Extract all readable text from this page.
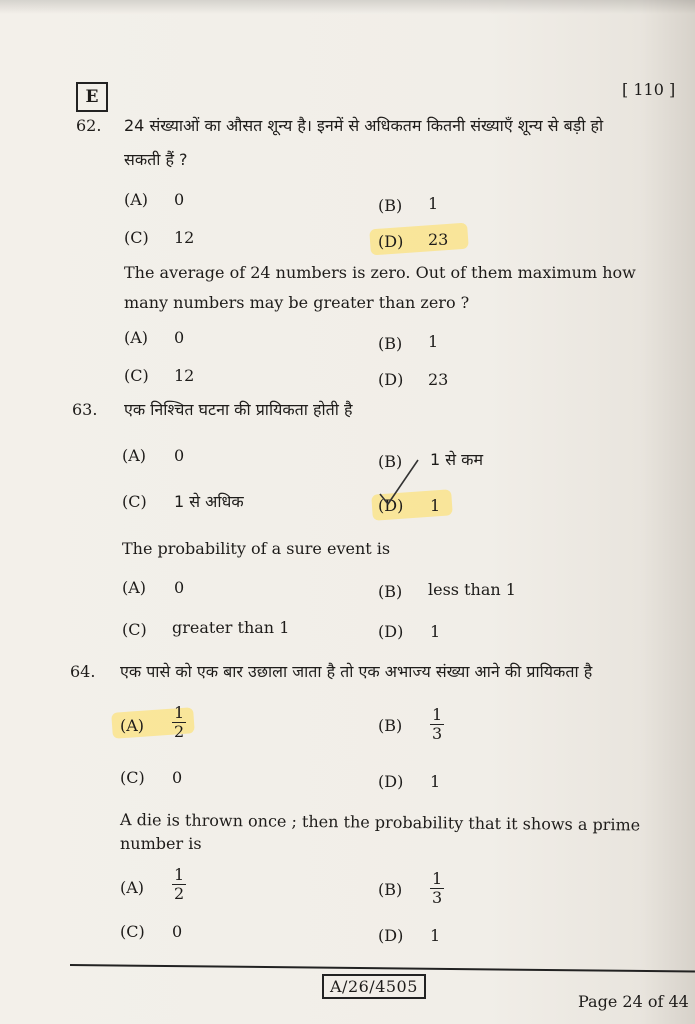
E	[ 110 ]
62. 24 संख्याओं का औसत शून्य है। इनमें से अधिकतम कितनी संख्याएँ शून्य से बड़ी हो
सकती हैं ?
(A) 0	(B) 1
(C) 12	(D) 23
The average of 24 numbers is zero. Out of them maximum how
many numbers may be greater than zero ?
(A) 0	(B) 1
(C) 12	(D) 23
63. एक निश्चित घटना की प्रायिकता होती है
(A) 0	(B) 1 से कम
(C) 1 से अधिक	(D) 1
The probability of a sure event is
(A) 0	(B) less than 1
(C) greater than 1	(D) 1
64. एक पासे को एक बार उछाला जाता है तो एक अभाज्य संख्या आने की प्रायिकता है
$(A) \frac{1}{2}$	$(B) \frac{1}{3}$
(C) 0	(D) 1
A die is thrown once ; then the probability that it shows a prime
number is
$(A) \frac{1}{2}$	$(B) \frac{1}{3}$
(C) 0	(D) 1
A/26/4505
Page 24 of 44
